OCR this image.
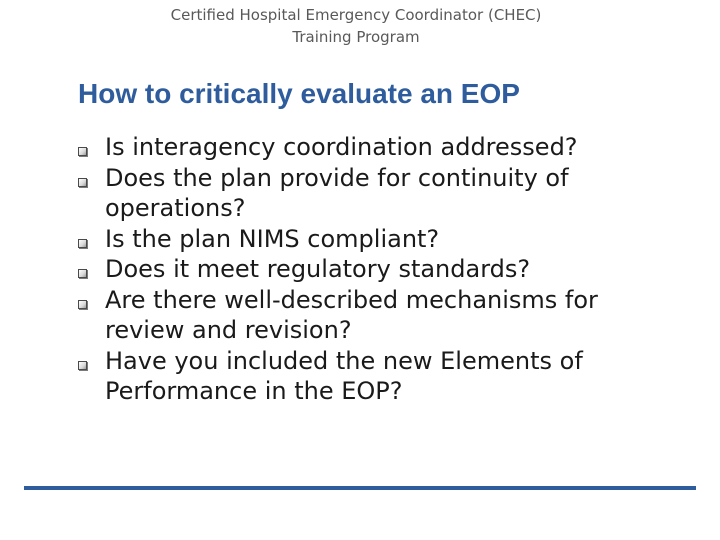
Certified Hospital Emergency Coordinator (CHEC)
Training Program
How to critically evaluate an EOP
Is interagency coordination addressed?
Does the plan provide for continuity of operations?
Is the plan NIMS compliant?
Does it meet regulatory standards?
Are there well-described mechanisms for review and revision?
Have you included the new Elements of Performance in the EOP?
